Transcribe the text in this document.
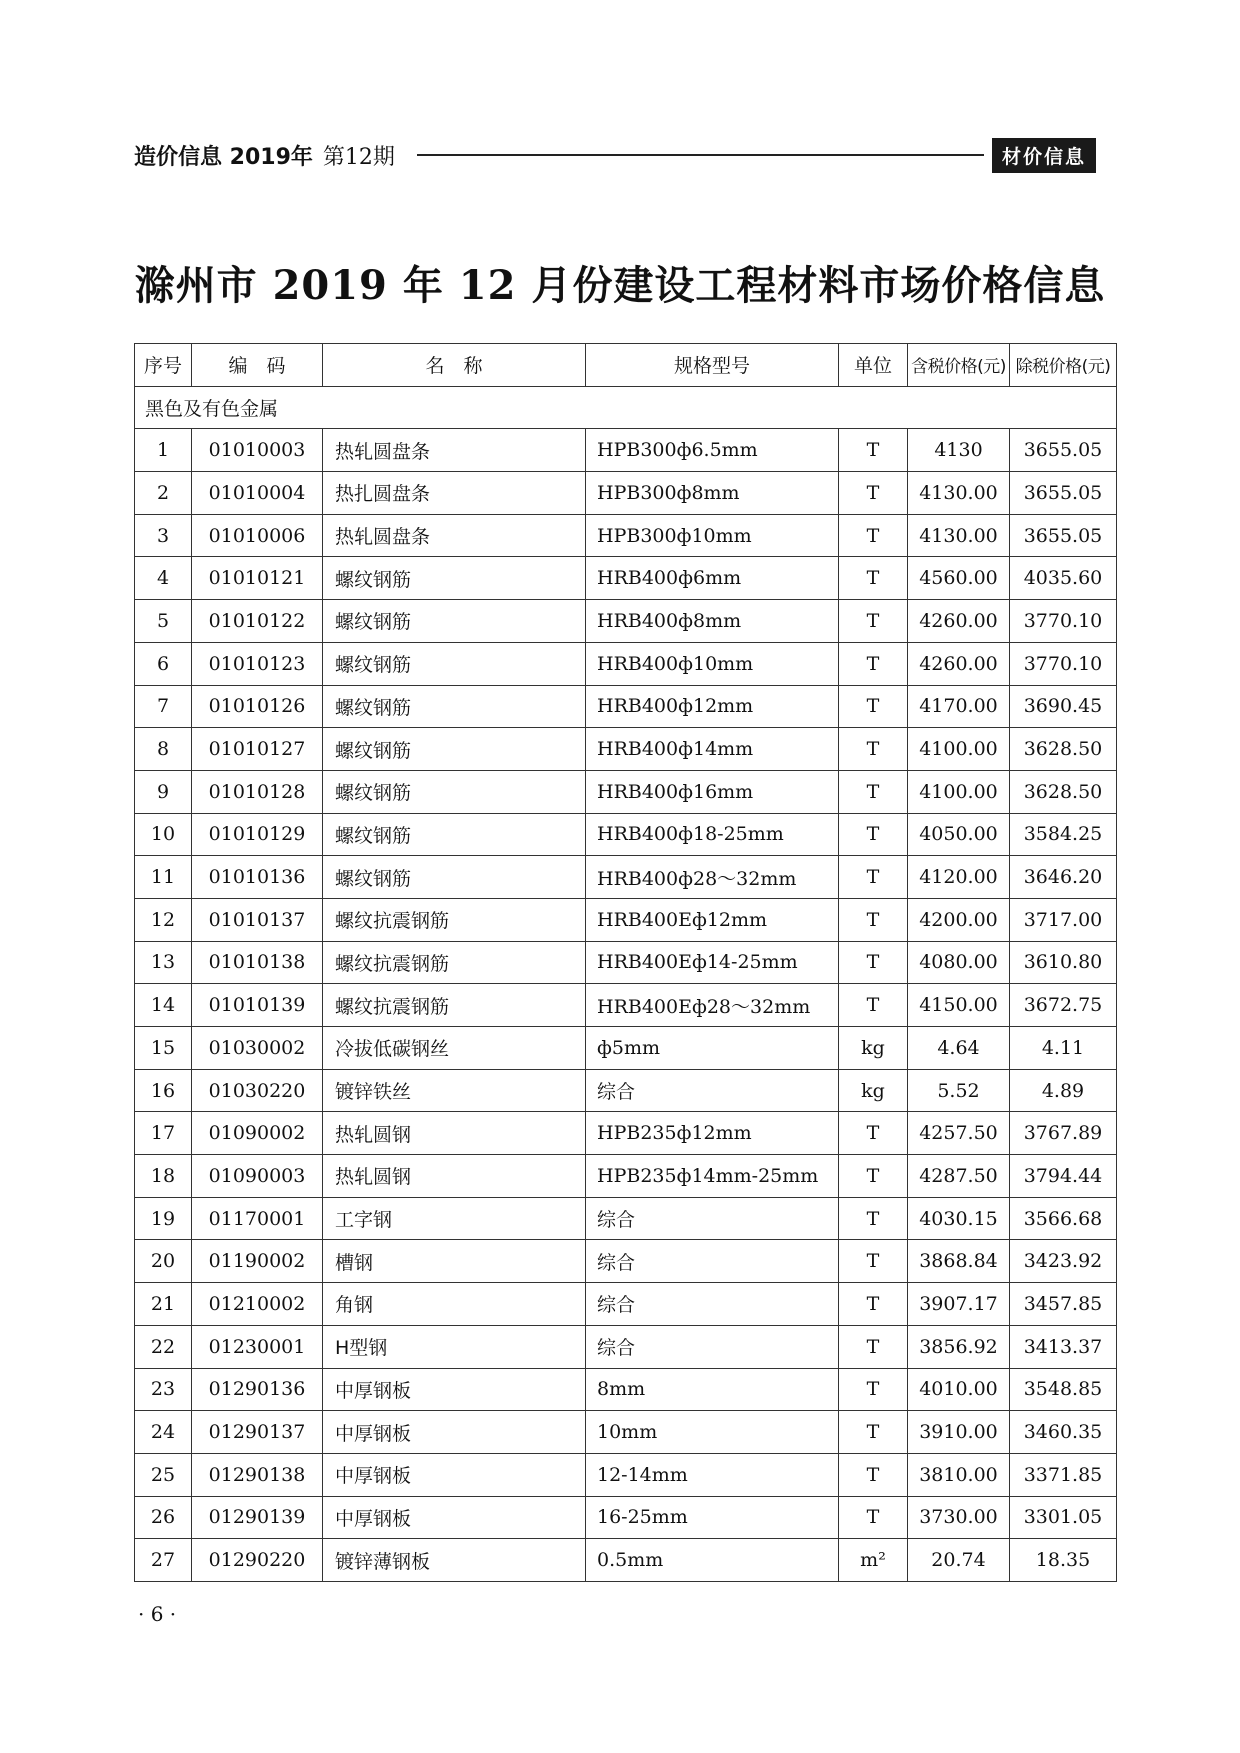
造价信息 2019年 第12期	材价信息
滁州市 2019 年 12 月份建设工程材料市场价格信息
序号	编　码	名　称	规格型号	单位	含税价格(元)	除税价格(元)
黑色及有色金属						
1	01010003	热轧圆盘条	HPB300ф6.5mm	T	4130	3655.05
2	01010004	热扎圆盘条	HPB300ф8mm	T	4130.00	3655.05
3	01010006	热轧圆盘条	HPB300ф10mm	T	4130.00	3655.05
4	01010121	螺纹钢筋	HRB400ф6mm	T	4560.00	4035.60
5	01010122	螺纹钢筋	HRB400ф8mm	T	4260.00	3770.10
6	01010123	螺纹钢筋	HRB400ф10mm	T	4260.00	3770.10
7	01010126	螺纹钢筋	HRB400ф12mm	T	4170.00	3690.45
8	01010127	螺纹钢筋	HRB400ф14mm	T	4100.00	3628.50
9	01010128	螺纹钢筋	HRB400ф16mm	T	4100.00	3628.50
10	01010129	螺纹钢筋	HRB400ф18-25mm	T	4050.00	3584.25
11	01010136	螺纹钢筋	HRB400ф28～32mm	T	4120.00	3646.20
12	01010137	螺纹抗震钢筋	HRB400Eф12mm	T	4200.00	3717.00
13	01010138	螺纹抗震钢筋	HRB400Eф14-25mm	T	4080.00	3610.80
14	01010139	螺纹抗震钢筋	HRB400Eф28～32mm	T	4150.00	3672.75
15	01030002	冷拔低碳钢丝	ф5mm	kg	4.64	4.11
16	01030220	镀锌铁丝	综合	kg	5.52	4.89
17	01090002	热轧圆钢	HPB235ф12mm	T	4257.50	3767.89
18	01090003	热轧圆钢	HPB235ф14mm-25mm	T	4287.50	3794.44
19	01170001	工字钢	综合	T	4030.15	3566.68
20	01190002	槽钢	综合	T	3868.84	3423.92
21	01210002	角钢	综合	T	3907.17	3457.85
22	01230001	H型钢	综合	T	3856.92	3413.37
23	01290136	中厚钢板	8mm	T	4010.00	3548.85
24	01290137	中厚钢板	10mm	T	3910.00	3460.35
25	01290138	中厚钢板	12-14mm	T	3810.00	3371.85
26	01290139	中厚钢板	16-25mm	T	3730.00	3301.05
27	01290220	镀锌薄钢板	0.5mm	m²	20.74	18.35
· 6 ·
